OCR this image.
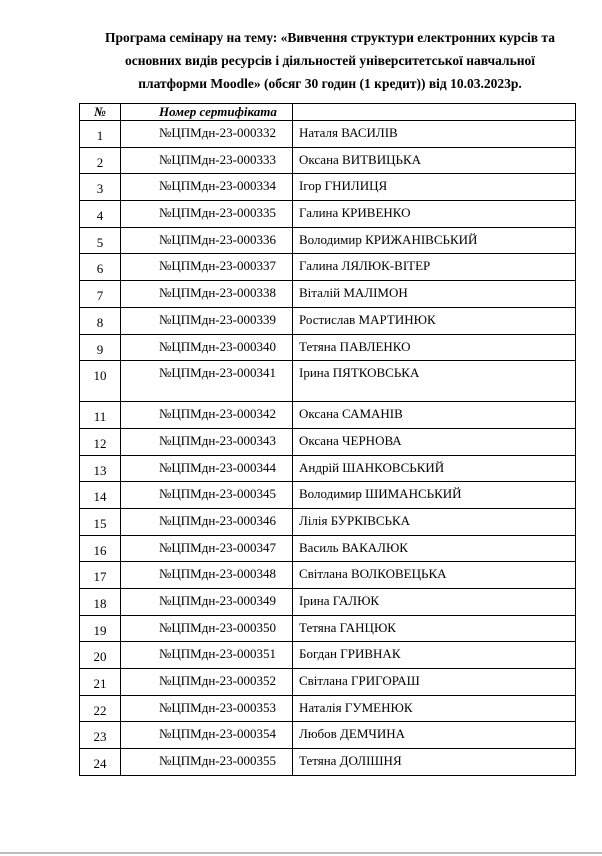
Програма семінару на тему: «Вивчення структури електронних курсів та
основних видів ресурсів і діяльностей університетської навчальної
платформи Moodle» (обсяг 30 годин (1 кредит)) від 10.03.2023р.
№	Номер сертифіката	
1	№ЦПМдн-23-000332	Наталя ВАСИЛІВ
2	№ЦПМдн-23-000333	Оксана ВИТВИЦЬКА
3	№ЦПМдн-23-000334	Ігор ГНИЛИЦЯ
4	№ЦПМдн-23-000335	Галина КРИВЕНКО
5	№ЦПМдн-23-000336	Володимир КРИЖАНІВСЬКИЙ
6	№ЦПМдн-23-000337	Галина ЛЯЛЮК-ВІТЕР
7	№ЦПМдн-23-000338	Віталій МАЛІМОН
8	№ЦПМдн-23-000339	Ростислав МАРТИНЮК
9	№ЦПМдн-23-000340	Тетяна ПАВЛЕНКО
10	№ЦПМдн-23-000341	Ірина ПЯТКОВСЬКА
11	№ЦПМдн-23-000342	Оксана САМАНІВ
12	№ЦПМдн-23-000343	Оксана ЧЕРНОВА
13	№ЦПМдн-23-000344	Андрій ШАНКОВСЬКИЙ
14	№ЦПМдн-23-000345	Володимир ШИМАНСЬКИЙ
15	№ЦПМдн-23-000346	Лілія БУРКІВСЬКА
16	№ЦПМдн-23-000347	Василь ВАКАЛЮК
17	№ЦПМдн-23-000348	Світлана ВОЛКОВЕЦЬКА
18	№ЦПМдн-23-000349	Ірина ГАЛЮК
19	№ЦПМдн-23-000350	Тетяна ГАНЦЮК
20	№ЦПМдн-23-000351	Богдан ГРИВНАК
21	№ЦПМдн-23-000352	Світлана ГРИГОРАШ
22	№ЦПМдн-23-000353	Наталія ГУМЕНЮК
23	№ЦПМдн-23-000354	Любов ДЕМЧИНА
24	№ЦПМдн-23-000355	Тетяна ДОЛІШНЯ
